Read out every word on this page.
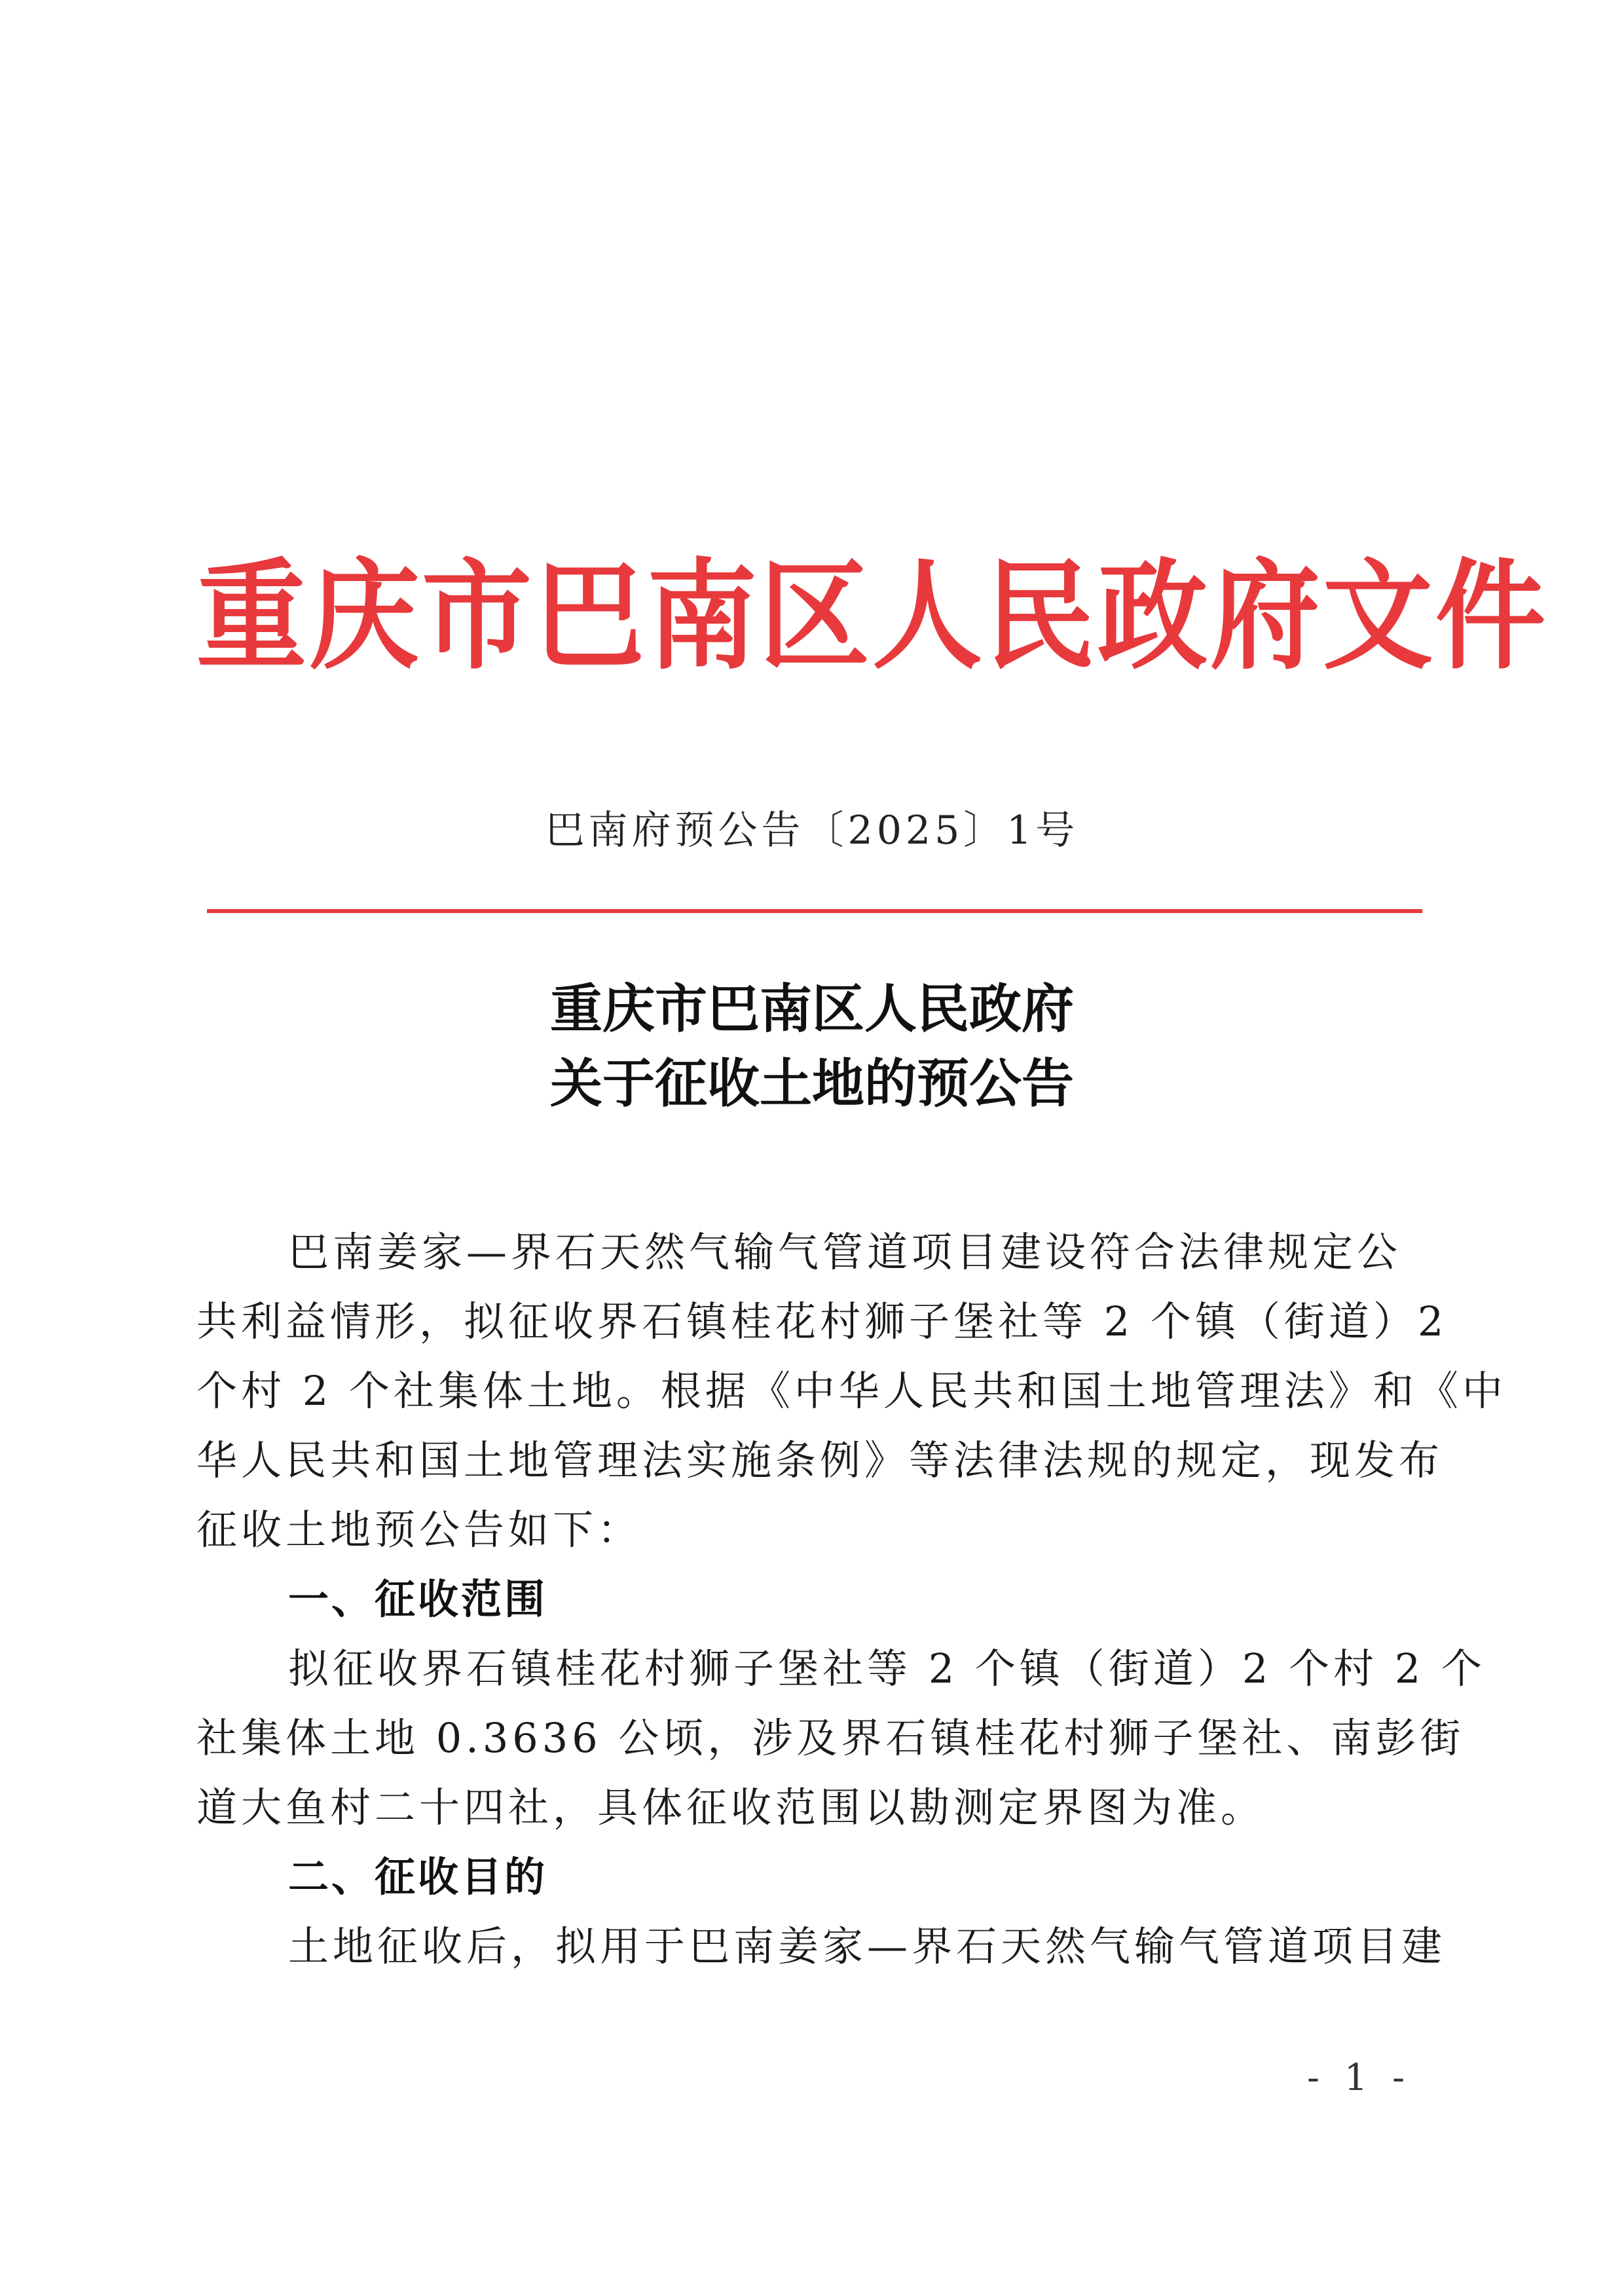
重庆市巴南区人民政府文件
巴南府预公告〔2025〕1号
重庆市巴南区人民政府
关于征收土地的预公告
巴南姜家—界石天然气输气管道项目建设符合法律规定公
共利益情形，拟征收界石镇桂花村狮子堡社等 2 个镇（街道）2
个村 2 个社集体土地。根据《中华人民共和国土地管理法》和《中
华人民共和国土地管理法实施条例》等法律法规的规定，现发布
征收土地预公告如下：
一、征收范围
拟征收界石镇桂花村狮子堡社等 2 个镇（街道）2 个村 2 个
社集体土地 0.3636 公顷，涉及界石镇桂花村狮子堡社、南彭街
道大鱼村二十四社，具体征收范围以勘测定界图为准。
二、征收目的
土地征收后，拟用于巴南姜家—界石天然气输气管道项目建
- 1 -
